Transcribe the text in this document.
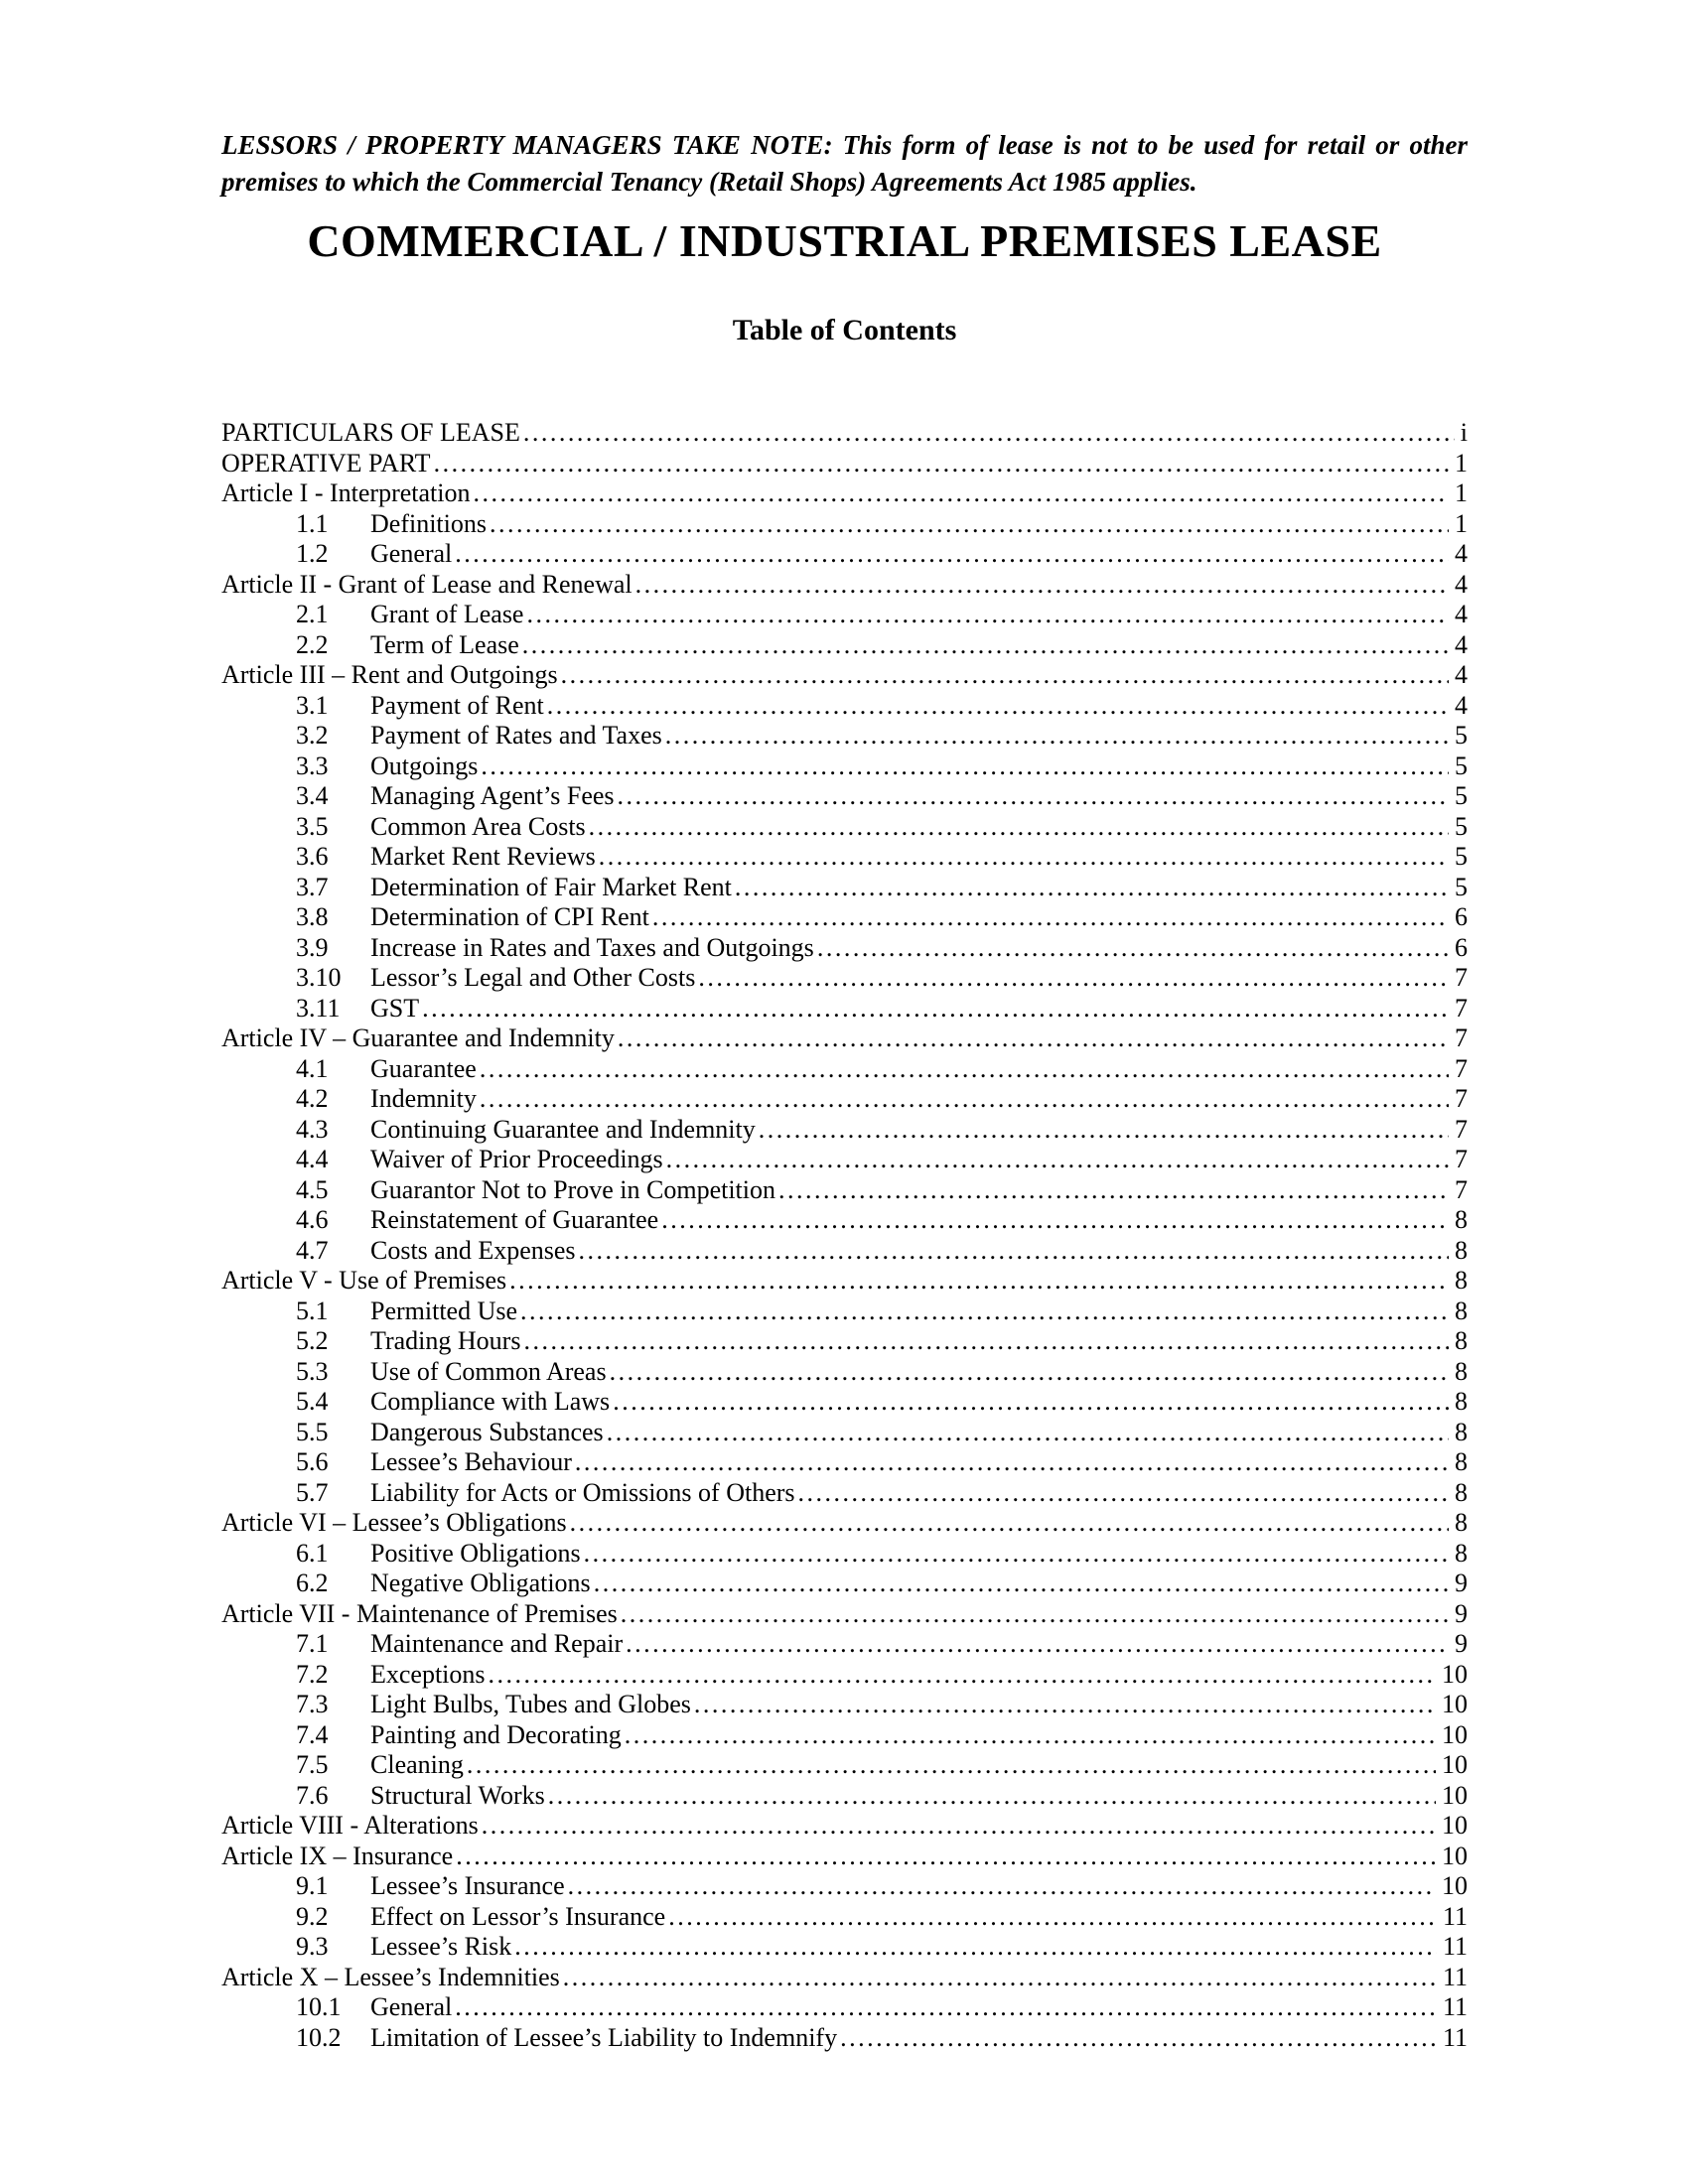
LESSORS / PROPERTY MANAGERS TAKE NOTE: This form of lease is not to be used for retail or other
premises to which the Commercial Tenancy (Retail Shops) Agreements Act 1985 applies.

COMMERCIAL / INDUSTRIAL PREMISES LEASE
Table of Contents
PARTICULARS OF LEASE .....	i
OPERATIVE PART .....	1
Article I - Interpretation .....	1
1.1	Definitions .....	1
1.2	General .....	4
Article II - Grant of Lease and Renewal .....	4
2.1	Grant of Lease .....	4
2.2	Term of Lease .....	4
Article III – Rent and Outgoings .....	4
3.1	Payment of Rent .....	4
3.2	Payment of Rates and Taxes .....	5
3.3	Outgoings .....	5
3.4	Managing Agent’s Fees .....	5
3.5	Common Area Costs .....	5
3.6	Market Rent Reviews .....	5
3.7	Determination of Fair Market Rent .....	5
3.8	Determination of CPI Rent .....	6
3.9	Increase in Rates and Taxes and Outgoings .....	6
3.10	Lessor’s Legal and Other Costs .....	7
3.11	GST .....	7
Article IV – Guarantee and Indemnity .....	7
4.1	Guarantee .....	7
4.2	Indemnity .....	7
4.3	Continuing Guarantee and Indemnity .....	7
4.4	Waiver of Prior Proceedings .....	7
4.5	Guarantor Not to Prove in Competition .....	7
4.6	Reinstatement of Guarantee .....	8
4.7	Costs and Expenses .....	8
Article V - Use of Premises .....	8
5.1	Permitted Use .....	8
5.2	Trading Hours .....	8
5.3	Use of Common Areas .....	8
5.4	Compliance with Laws .....	8
5.5	Dangerous Substances .....	8
5.6	Lessee’s Behaviour .....	8
5.7	Liability for Acts or Omissions of Others .....	8
Article VI – Lessee’s Obligations .....	8
6.1	Positive Obligations .....	8
6.2	Negative Obligations .....	9
Article VII - Maintenance of Premises .....	9
7.1	Maintenance and Repair .....	9
7.2	Exceptions .....	10
7.3	Light Bulbs, Tubes and Globes .....	10
7.4	Painting and Decorating .....	10
7.5	Cleaning .....	10
7.6	Structural Works .....	10
Article VIII - Alterations .....	10
Article IX – Insurance .....	10
9.1	Lessee’s Insurance .....	10
9.2	Effect on Lessor’s Insurance .....	11
9.3	Lessee’s Risk .....	11
Article X – Lessee’s Indemnities .....	11
10.1	General .....	11
10.2	Limitation of Lessee’s Liability to Indemnify .....	11
